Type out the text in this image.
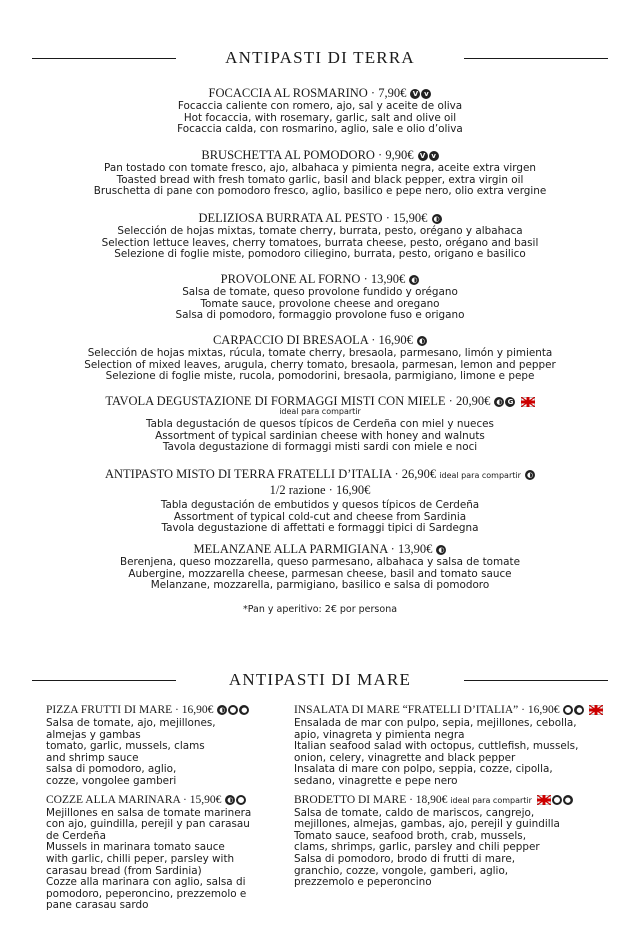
ANTIPASTI DI TERRA
FOCACCIA AL ROSMARINO · 7,90€ V ⅴ
Focaccia caliente con romero, ajo, sal y aceite de oliva
Hot focaccia, with rosemary, garlic, salt and olive oil
Focaccia calda, con rosmarino, aglio, sale e olio d’oliva
BRUSCHETTA AL POMODORO · 9,90€ V ⅴ
Pan tostado con tomate fresco, ajo, albahaca y pimienta negra, aceite extra virgen
Toasted bread with fresh tomato garlic, basil and black pepper, extra virgin oil
Bruschetta di pane con pomodoro fresco, aglio, basilico e pepe nero, olio extra vergine
DELIZIOSA BURRATA AL PESTO · 15,90€ ◐
Selección de hojas mixtas, tomate cherry, burrata, pesto, orégano y albahaca
Selection lettuce leaves, cherry tomatoes, burrata cheese, pesto, orégano and basil
Selezione di foglie miste, pomodoro ciliegino, burrata, pesto, origano e basilico
PROVOLONE AL FORNO · 13,90€ ◐
Salsa de tomate, queso provolone fundido y orégano
Tomate sauce, provolone cheese and oregano
Salsa di pomodoro, formaggio provolone fuso e origano
CARPACCIO DI BRESAOLA · 16,90€ ◐
Selección de hojas mixtas, rúcula, tomate cherry, bresaola, parmesano, limón y pimienta
Selection of mixed leaves, arugula, cherry tomato, bresaola, parmesan, lemon and pepper
Selezione di foglie miste, rucola, pomodorini, bresaola, parmigiano, limone e pepe
TAVOLA DEGUSTAZIONE DI FORMAGGI MISTI CON MIELE · 20,90€ ◐ G
ideal para compartir
Tabla degustación de quesos típicos de Cerdeña con miel y nueces
Assortment of typical sardinian cheese with honey and walnuts
Tavola degustazione di formaggi misti sardi con miele e noci
ANTIPASTO MISTO DI TERRA FRATELLI D’ITALIA · 26,90€ ideal para compartir ◐
1/2 razione · 16,90€
Tabla degustación de embutidos y quesos típicos de Cerdeña
Assortment of typical cold-cut and cheese from Sardinia
Tavola degustazione di affettati e formaggi tipici di Sardegna
MELANZANE ALLA PARMIGIANA · 13,90€ ◐
Berenjena, queso mozzarella, queso parmesano, albahaca y salsa de tomate
Aubergine, mozzarella cheese, parmesan cheese, basil and tomato sauce
Melanzane, mozzarella, parmigiano, basilico e salsa di pomodoro
*Pan y aperitivo: 2€ por persona
ANTIPASTI DI MARE
PIZZA FRUTTI DI MARE · 16,90€ ◐ ●
Salsa de tomate, ajo, mejillones,
almejas y gambas
tomato, garlic, mussels, clams
and shrimp sauce
salsa di pomodoro, aglio,
cozze, vongolee gamberi
COZZE ALLA MARINARA · 15,90€ ◐
Mejillones en salsa de tomate marinera
con ajo, guindilla, perejil y pan carasau
de Cerdeña
Mussels in marinara tomato sauce
with garlic, chilli peper, parsley with
carasau bread (from Sardinia)
Cozze alla marinara con aglio, salsa di
pomodoro, peperoncino, prezzemolo e
pane carasau sardo
INSALATA DI MARE “FRATELLI D’ITALIA” · 16,90€ ●
Ensalada de mar con pulpo, sepia, mejillones, cebolla,
apio, vinagreta y pimienta negra
Italian seafood salad with octopus, cuttlefish, mussels,
onion, celery, vinagrette and black pepper
Insalata di mare con polpo, seppia, cozze, cipolla,
sedano, vinagrette e pepe nero
BRODETTO DI MARE · 18,90€ ideal para compartir	●
Salsa de tomate, caldo de mariscos, cangrejo,
mejillones, almejas, gambas, ajo, perejil y guindilla
Tomato sauce, seafood broth, crab, mussels,
clams, shrimps, garlic, parsley and chili pepper
Salsa di pomodoro, brodo di frutti di mare,
granchio, cozze, vongole, gamberi, aglio,
prezzemolo e peperoncino
